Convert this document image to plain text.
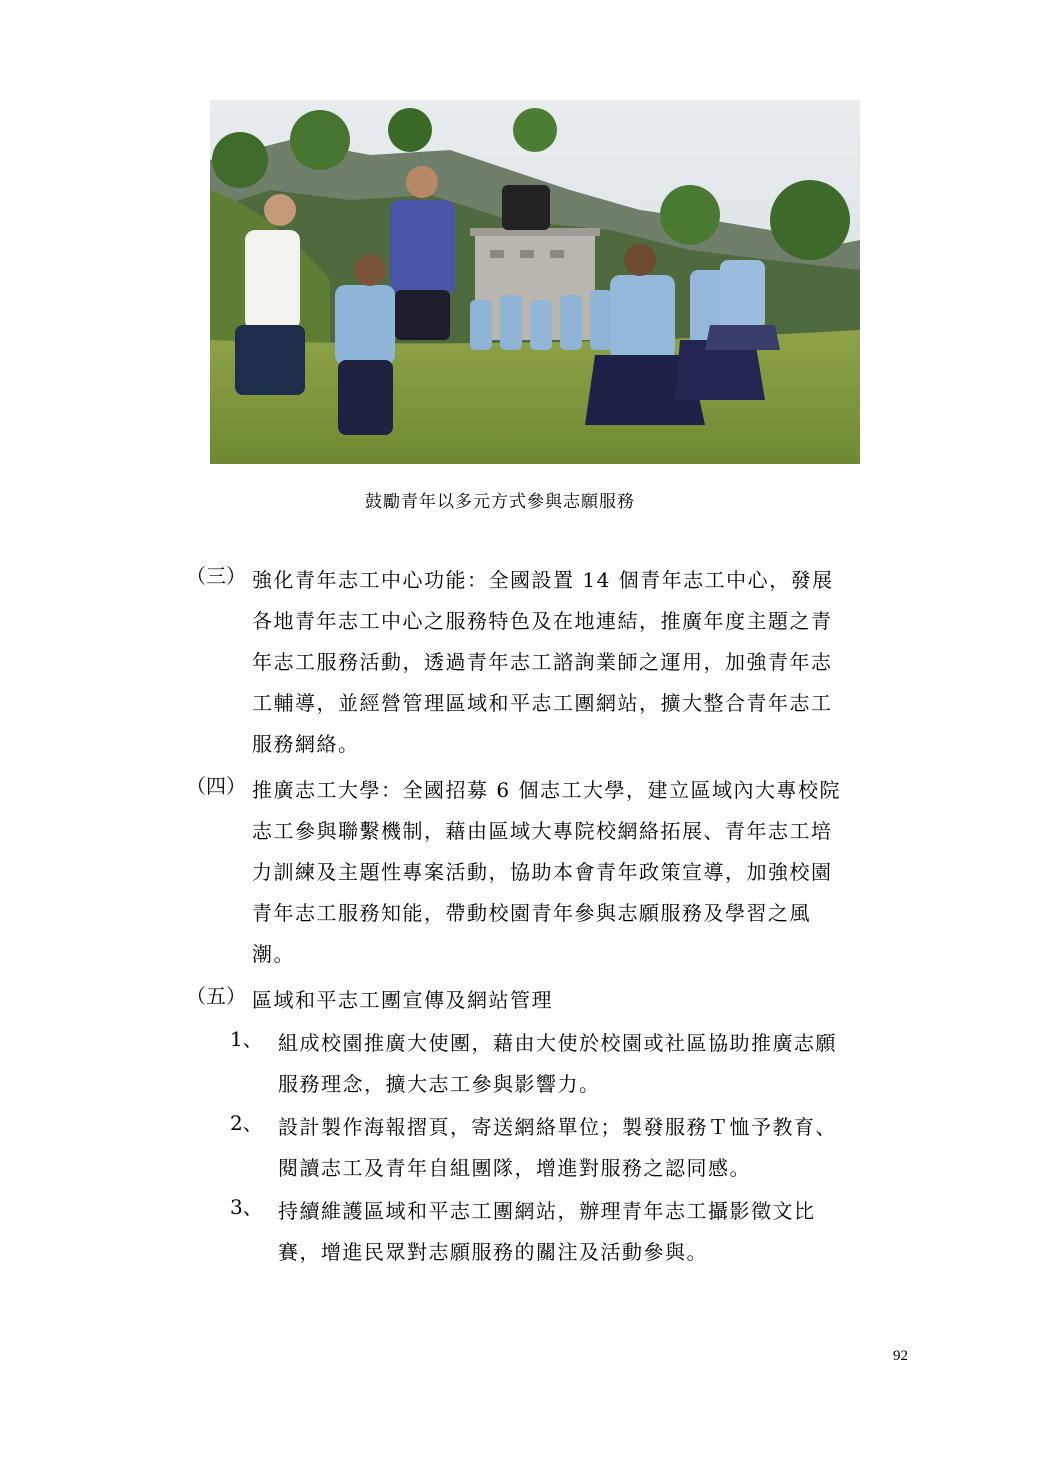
鼓勵青年以多元方式參與志願服務
（三） 強化青年志工中心功能：全國設置 14 個青年志工中心，發展
各地青年志工中心之服務特色及在地連結，推廣年度主題之青
年志工服務活動，透過青年志工諮詢業師之運用，加強青年志
工輔導，並經營管理區域和平志工團網站，擴大整合青年志工
服務網絡。
（四） 推廣志工大學：全國招募 6 個志工大學，建立區域內大專校院
志工參與聯繫機制，藉由區域大專院校網絡拓展、青年志工培
力訓練及主題性專案活動，協助本會青年政策宣導，加強校園
青年志工服務知能，帶動校園青年參與志願服務及學習之風
潮。
（五） 區域和平志工團宣傳及網站管理
1、 組成校園推廣大使團，藉由大使於校園或社區協助推廣志願
服務理念，擴大志工參與影響力。
2、 設計製作海報摺頁，寄送網絡單位；製發服務Ｔ恤予教育、
閱讀志工及青年自組團隊，增進對服務之認同感。
3、 持續維護區域和平志工團網站，辦理青年志工攝影徵文比
賽，增進民眾對志願服務的關注及活動參與。
92
